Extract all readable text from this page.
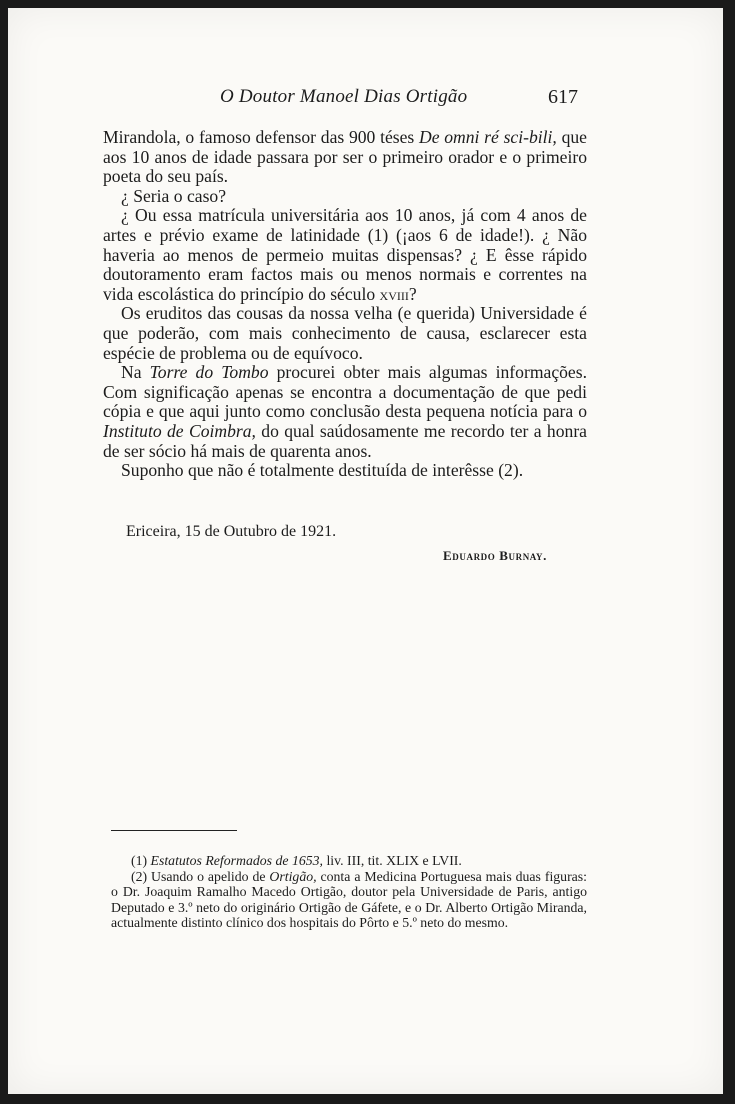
O Doutor Manoel Dias Ortigão	617

Mirandola, o famoso defensor das 900 téses De omni ré sci-bili, que aos 10 anos de idade passara por ser o primeiro orador e o primeiro poeta do seu país.

¿ Seria o caso?

¿ Ou essa matrícula universitária aos 10 anos, já com 4 anos de artes e prévio exame de latinidade (1) (¡aos 6 de idade!). ¿ Não haveria ao menos de permeio muitas dispensas? ¿ E êsse rápido doutoramento eram factos mais ou menos normais e correntes na vida escolástica do princípio do século xviii?

Os eruditos das cousas da nossa velha (e querida) Universidade é que poderão, com mais conhecimento de causa, esclarecer esta espécie de problema ou de equívoco.

Na Torre do Tombo procurei obter mais algumas informações. Com significação apenas se encontra a documentação de que pedi cópia e que aqui junto como conclusão desta pequena notícia para o Instituto de Coimbra, do qual saúdosamente me recordo ter a honra de ser sócio há mais de quarenta anos.

Suponho que não é totalmente destituída de interêsse (2).

Ericeira, 15 de Outubro de 1921.
Eduardo Burnay.

(1) Estatutos Reformados de 1653, liv. III, tit. XLIX e LVII.

(2) Usando o apelido de Ortigão, conta a Medicina Portuguesa mais duas figuras: o Dr. Joaquim Ramalho Macedo Ortigão, doutor pela Universidade de Paris, antigo Deputado e 3.º neto do originário Ortigão de Gáfete, e o Dr. Alberto Ortigão Miranda, actualmente distinto clínico dos hospitais do Pôrto e 5.º neto do mesmo.
